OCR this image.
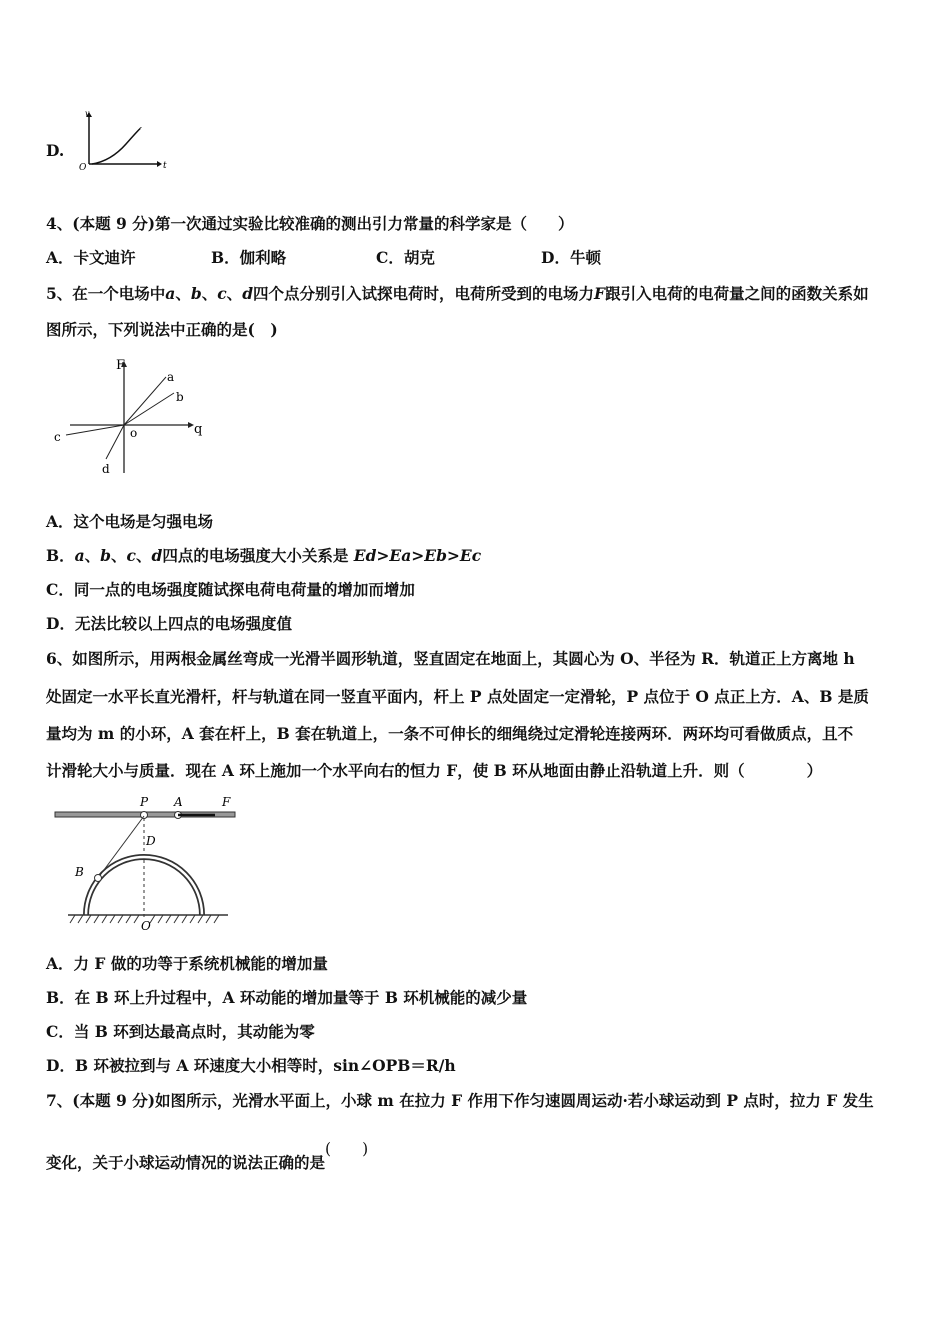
D.
v
O	t
4、(本题 9 分)第一次通过实验比较准确的测出引力常量的科学家是（　　）
A．卡文迪许	B．伽利略	C．胡克	D．牛顿
5、在一个电场中a、b、c、d四个点分别引入试探电荷时，电荷所受到的电场力F跟引入电荷的电荷量之间的函数关系如
图所示，下列说法中正确的是(　)
F
a
b
c	o	q
d
A．这个电场是匀强电场
B．a、b、c、d四点的电场强度大小关系是 Ed>Ea>Eb>Ec
C．同一点的电场强度随试探电荷电荷量的增加而增加
D．无法比较以上四点的电场强度值
6、如图所示，用两根金属丝弯成一光滑半圆形轨道，竖直固定在地面上，其圆心为 O、半径为 R．轨道正上方离地 h
处固定一水平长直光滑杆，杆与轨道在同一竖直平面内，杆上 P 点处固定一定滑轮，P 点位于 O 点正上方．A、B 是质
量均为 m 的小环，A 套在杆上，B 套在轨道上，一条不可伸长的细绳绕过定滑轮连接两环．两环均可看做质点，且不
计滑轮大小与质量．现在 A 环上施加一个水平向右的恒力 F，使 B 环从地面由静止沿轨道上升．则（　　　　）
P A	F
D
B
O
A．力 F 做的功等于系统机械能的增加量
B．在 B 环上升过程中，A 环动能的增加量等于 B 环机械能的减少量
C．当 B 环到达最高点时，其动能为零
D．B 环被拉到与 A 环速度大小相等时，sin∠OPB＝R/h
7、(本题 9 分)如图所示，光滑水平面上，小球 m 在拉力 F 作用下作匀速圆周运动·若小球运动到 P 点时，拉力 F 发生
变化，关于小球运动情况的说法正确的是(　　)
